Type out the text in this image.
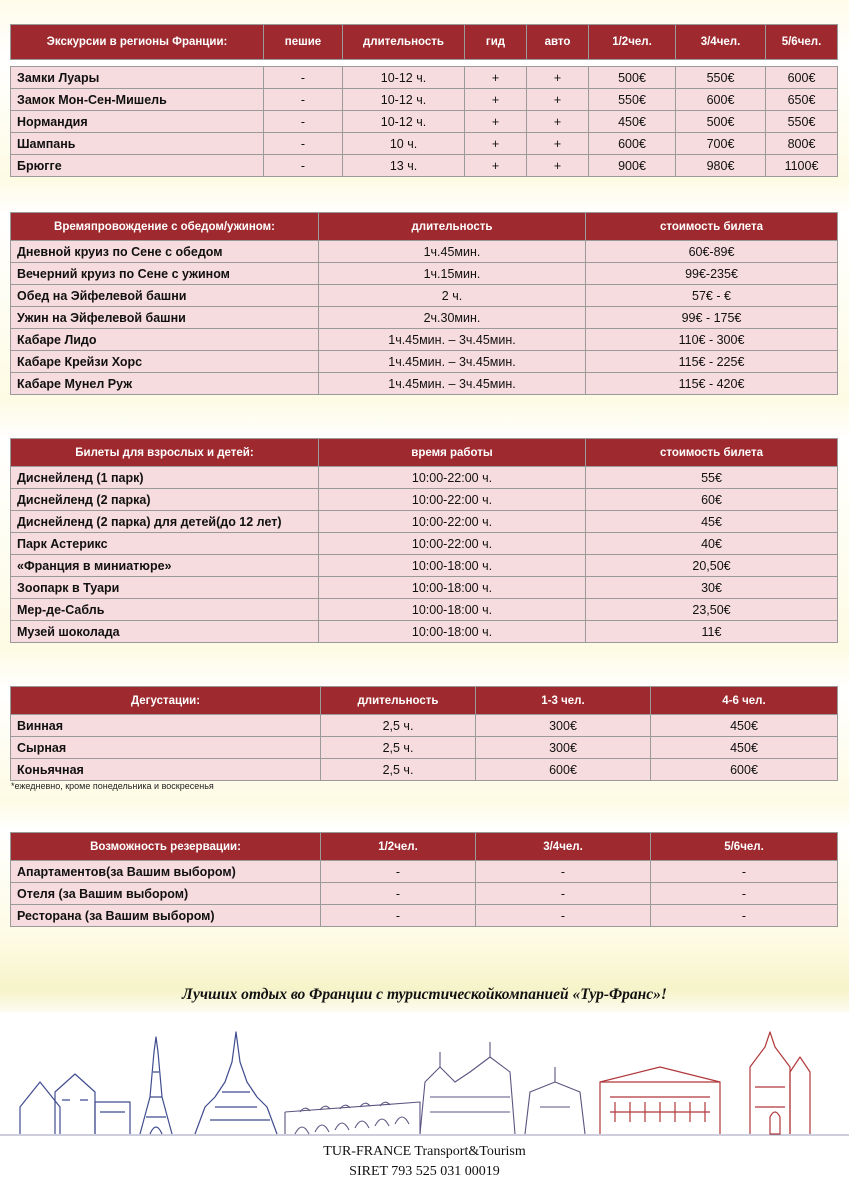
Экскурсии в регионы Франции:	пешие	длительность	гид	авто	1/2чел.	3/4чел.	5/6чел.

Замки Луары	-	10-12 ч.	+	+	500€	550€	600€
Замок Мон-Сен-Мишель	-	10-12 ч.	+	+	550€	600€	650€
Нормандия	-	10-12 ч.	+	+	450€	500€	550€
Шампань	-	10 ч.	+	+	600€	700€	800€
Брюгге	-	13 ч.	+	+	900€	980€	1100€
Времяпровождение с обедом/ужином:	длительность	стоимость билета
Дневной круиз по Сене с обедом	1ч.45мин.	60€-89€
Вечерний круиз по Сене с ужином	1ч.15мин.	99€-235€
Обед на Эйфелевой башни	2 ч.	57€ - €
Ужин на Эйфелевой башни	2ч.30мин.	99€ - 175€
Кабаре Лидо	1ч.45мин. – 3ч.45мин.	110€ - 300€
Кабаре Крейзи Хорс	1ч.45мин. – 3ч.45мин.	115€ - 225€
Кабаре Мунел Руж	1ч.45мин. – 3ч.45мин.	115€ - 420€
Билеты для взрослых и детей:	время работы	стоимость билета
Диснейленд (1 парк)	10:00-22:00 ч.	55€
Диснейленд (2 парка)	10:00-22:00 ч.	60€
Диснейленд (2 парка) для детей(до 12 лет)	10:00-22:00 ч.	45€
Парк Астерикс	10:00-22:00 ч.	40€
«Франция в миниатюре»	10:00-18:00 ч.	20,50€
Зоопарк в Туари	10:00-18:00 ч.	30€
Мер-де-Сабль	10:00-18:00 ч.	23,50€
Музей шоколада	10:00-18:00 ч.	11€
Дегустации:	длительность	1-3 чел.	4-6 чел.
Винная	2,5 ч.	300€	450€
Сырная	2,5 ч.	300€	450€
Коньячная	2,5 ч.	600€	600€
*ежедневно, кроме понедельника и воскресенья
Возможность резервации:	1/2чел.	3/4чел.	5/6чел.
Апартаментов(за Вашим выбором)	-	-	-
Отеля (за Вашим выбором)	-	-	-
Ресторана (за Вашим выбором)	-	-	-
Лучших отдых во Франции с туристическойкомпанией «Тур-Франс»!
TUR-FRANCE Transport&Tourism
SIRET 793 525 031 00019
